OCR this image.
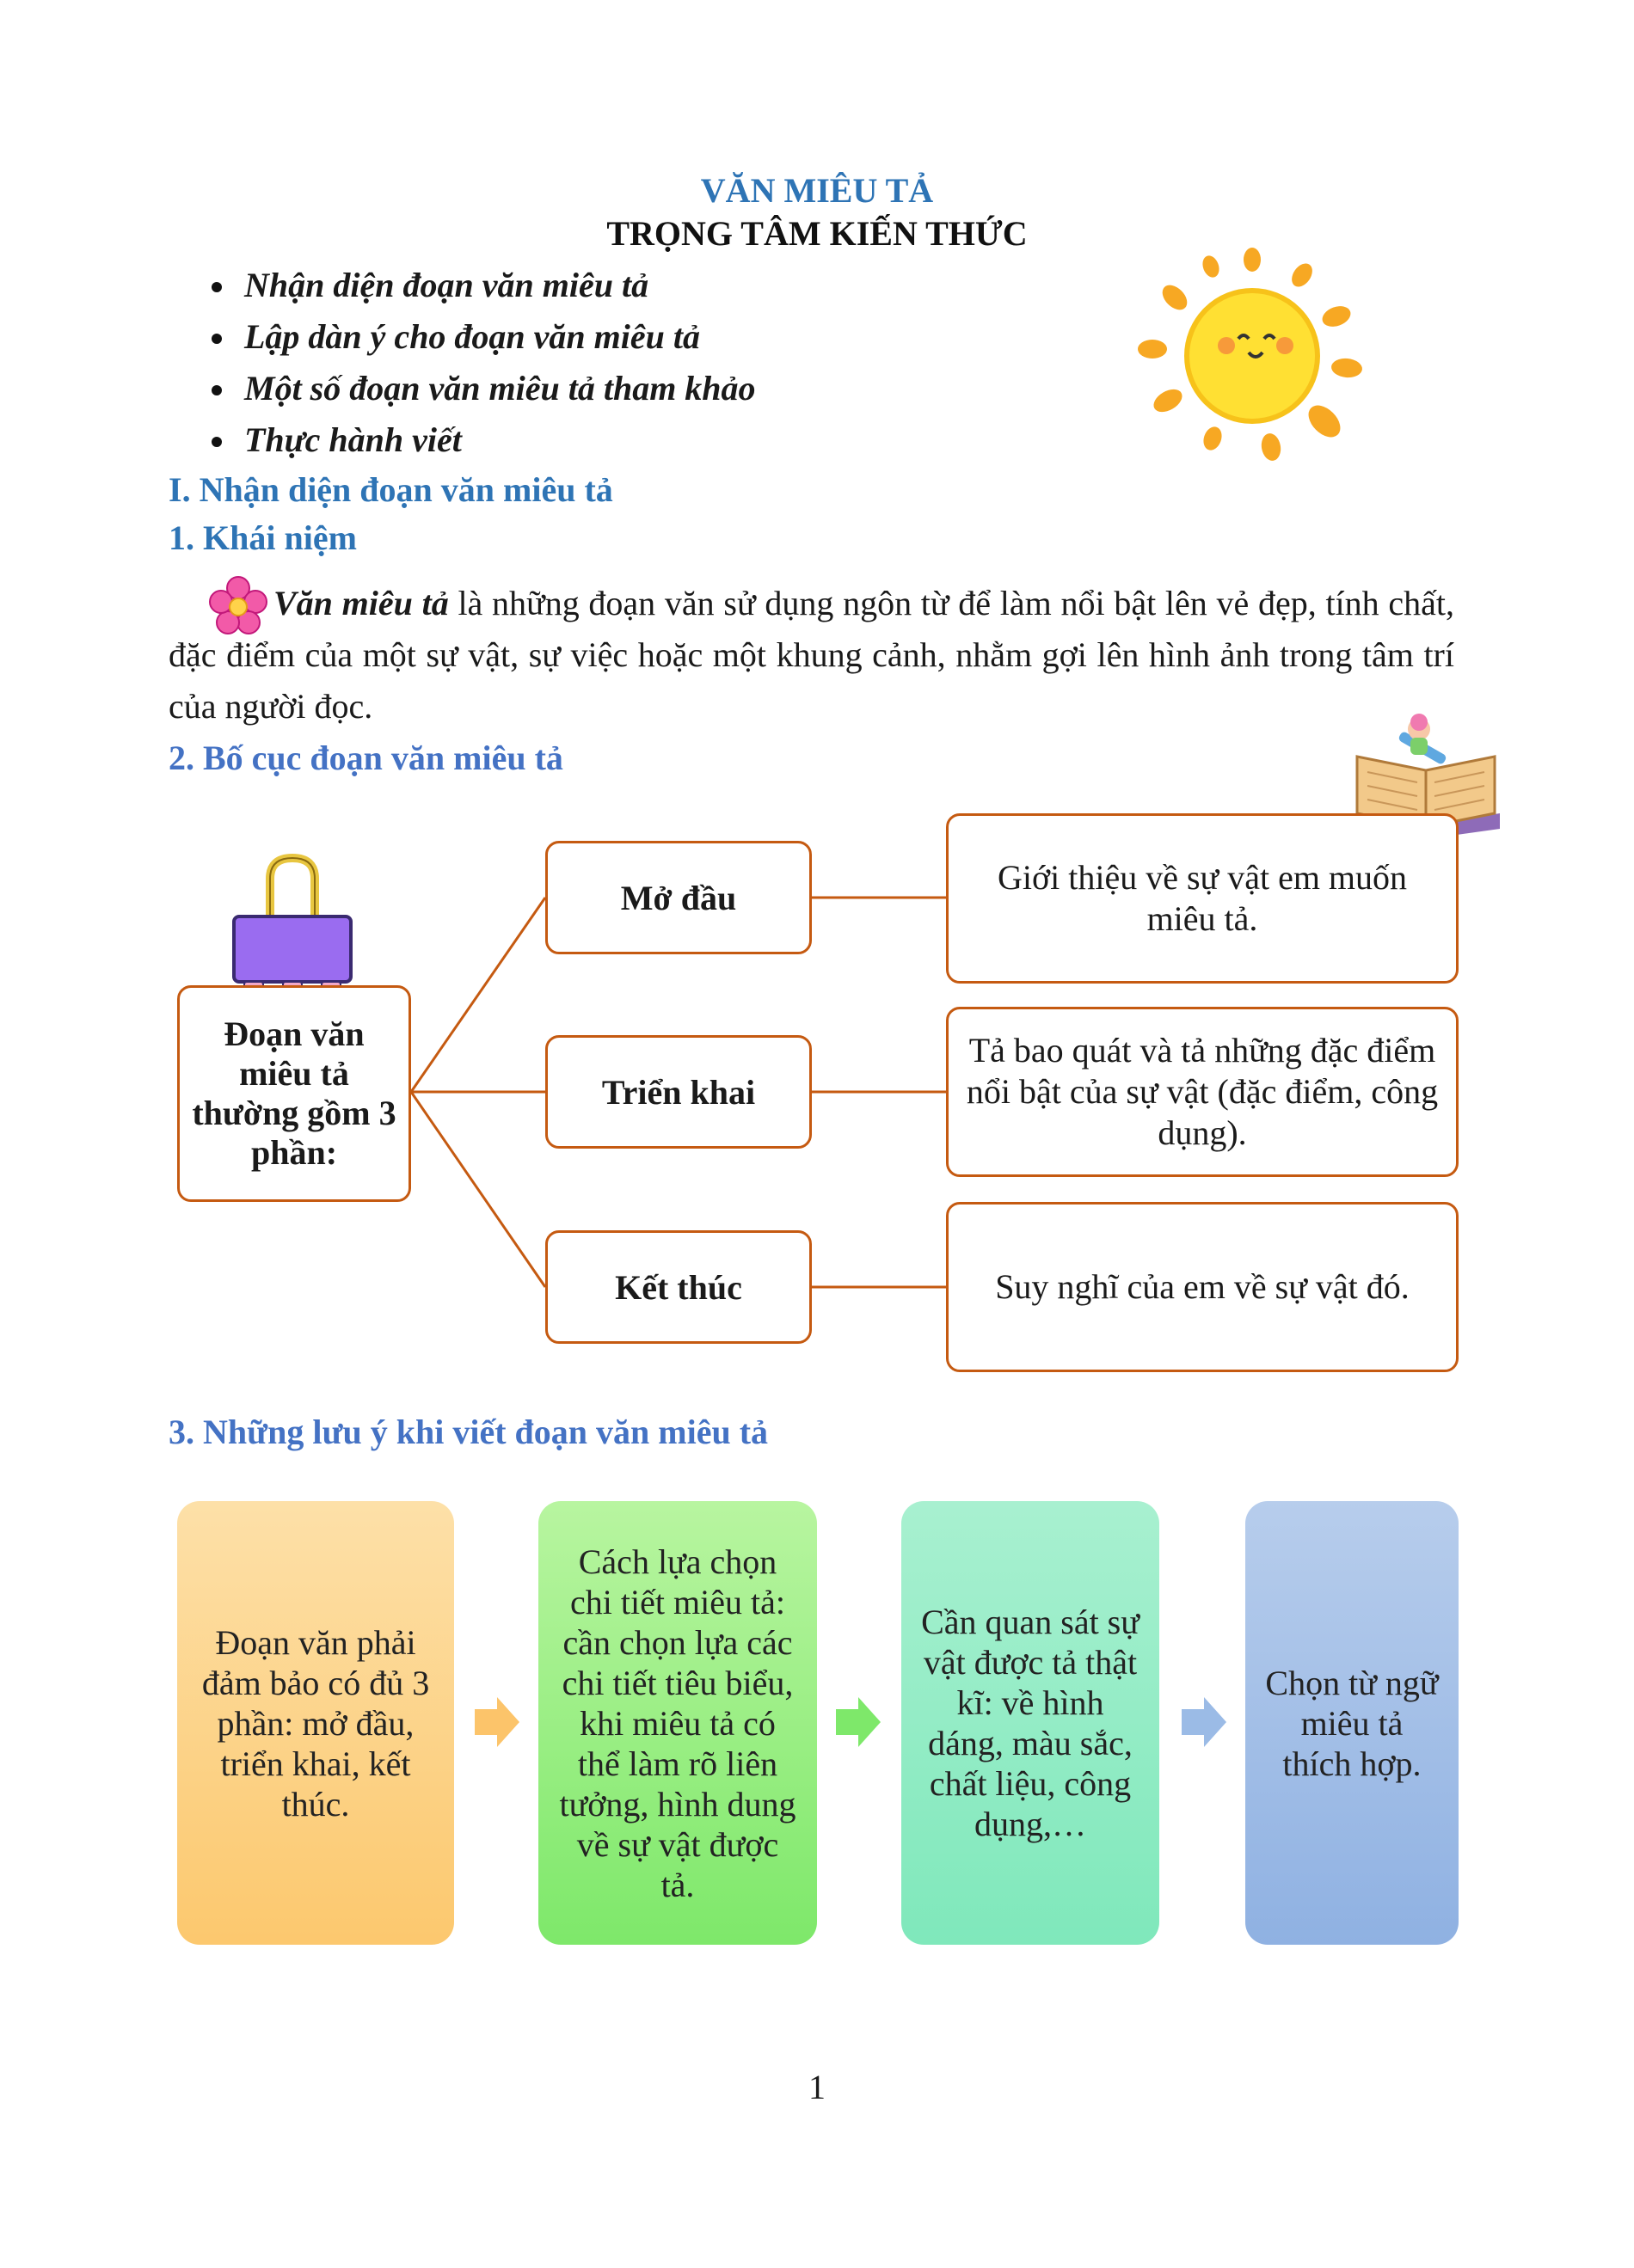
VĂN MIÊU TẢ
TRỌNG TÂM KIẾN THỨC
Nhận diện đoạn văn miêu tả
Lập dàn ý cho đoạn văn miêu tả
Một số đoạn văn miêu tả tham khảo
Thực hành viết
I. Nhận diện đoạn văn miêu tả
1. Khái niệm
Văn miêu tả là những đoạn văn sử dụng ngôn từ để làm nổi bật lên vẻ đẹp, tính chất, đặc điểm của một sự vật, sự việc hoặc một khung cảnh, nhằm gợi lên hình ảnh trong tâm trí của người đọc.
2. Bố cục đoạn văn miêu tả
Đoạn văn miêu tả thường gồm 3 phần:
Mở đầu
Triển khai
Kết thúc
Giới thiệu về sự vật em muốn miêu tả.
Tả bao quát và tả những đặc điểm nổi bật của sự vật (đặc điểm, công dụng).
Suy nghĩ của em về sự vật đó.
3. Những lưu ý khi viết đoạn văn miêu tả
Đoạn văn phải đảm bảo có đủ 3 phần: mở đầu, triển khai, kết thúc.
Cách lựa chọn chi tiết miêu tả: cần chọn lựa các chi tiết tiêu biểu, khi miêu tả có thể làm rõ liên tưởng, hình dung về sự vật được tả.
Cần quan sát sự vật được tả thật kĩ: về hình dáng, màu sắc, chất liệu, công dụng,…
Chọn từ ngữ miêu tả thích hợp.
1
